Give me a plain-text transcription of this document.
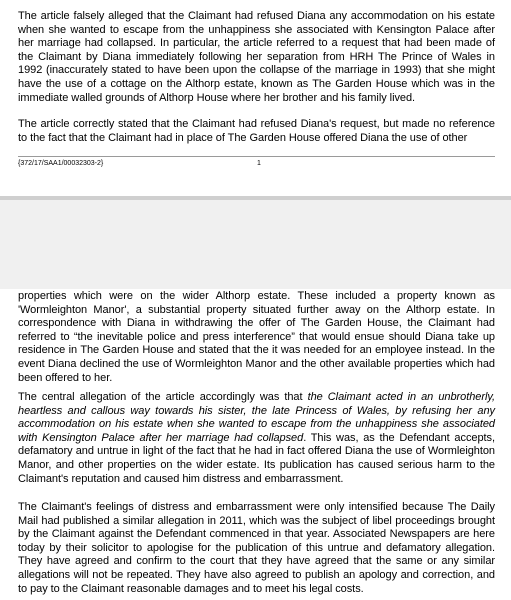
The article falsely alleged that the Claimant had refused Diana any accommodation on his estate when she wanted to escape from the unhappiness she associated with Kensington Palace after her marriage had collapsed. In particular, the article referred to a request that had been made of the Claimant by Diana immediately following her separation from HRH The Prince of Wales in 1992 (inaccurately stated to have been upon the collapse of the marriage in 1993) that she might have the use of a cottage on the Althorp estate, known as The Garden House which was in the immediate walled grounds of Althorp House where her brother and his family lived.

The article correctly stated that the Claimant had refused Diana's request, but made no reference to the fact that the Claimant had in place of The Garden House offered Diana the use of other

{372/17/SAA1/00032303-2}	1

properties which were on the wider Althorp estate. These included a property known as 'Wormleighton Manor', a substantial property situated further away on the Althorp estate. In correspondence with Diana in withdrawing the offer of The Garden House, the Claimant had referred to “the inevitable police and press interference” that would ensue should Diana take up residence in The Garden House and stated that the it was needed for an employee instead. In the event Diana declined the use of Wormleighton Manor and the other available properties which had been offered to her.

The central allegation of the article accordingly was that the Claimant acted in an unbrotherly, heartless and callous way towards his sister, the late Princess of Wales, by refusing her any accommodation on his estate when she wanted to escape from the unhappiness she associated with Kensington Palace after her marriage had collapsed. This was, as the Defendant accepts, defamatory and untrue in light of the fact that he had in fact offered Diana the use of Wormleighton Manor, and other properties on the wider estate. Its publication has caused serious harm to the Claimant's reputation and caused him distress and embarrassment.

The Claimant's feelings of distress and embarrassment were only intensified because The Daily Mail had published a similar allegation in 2011, which was the subject of libel proceedings brought by the Claimant against the Defendant commenced in that year. Associated Newspapers are here today by their solicitor to apologise for the publication of this untrue and defamatory allegation. They have agreed and confirm to the court that they have agreed that the same or any similar allegations will not be repeated. They have also agreed to publish an apology and correction, and to pay to the Claimant reasonable damages and to meet his legal costs.
